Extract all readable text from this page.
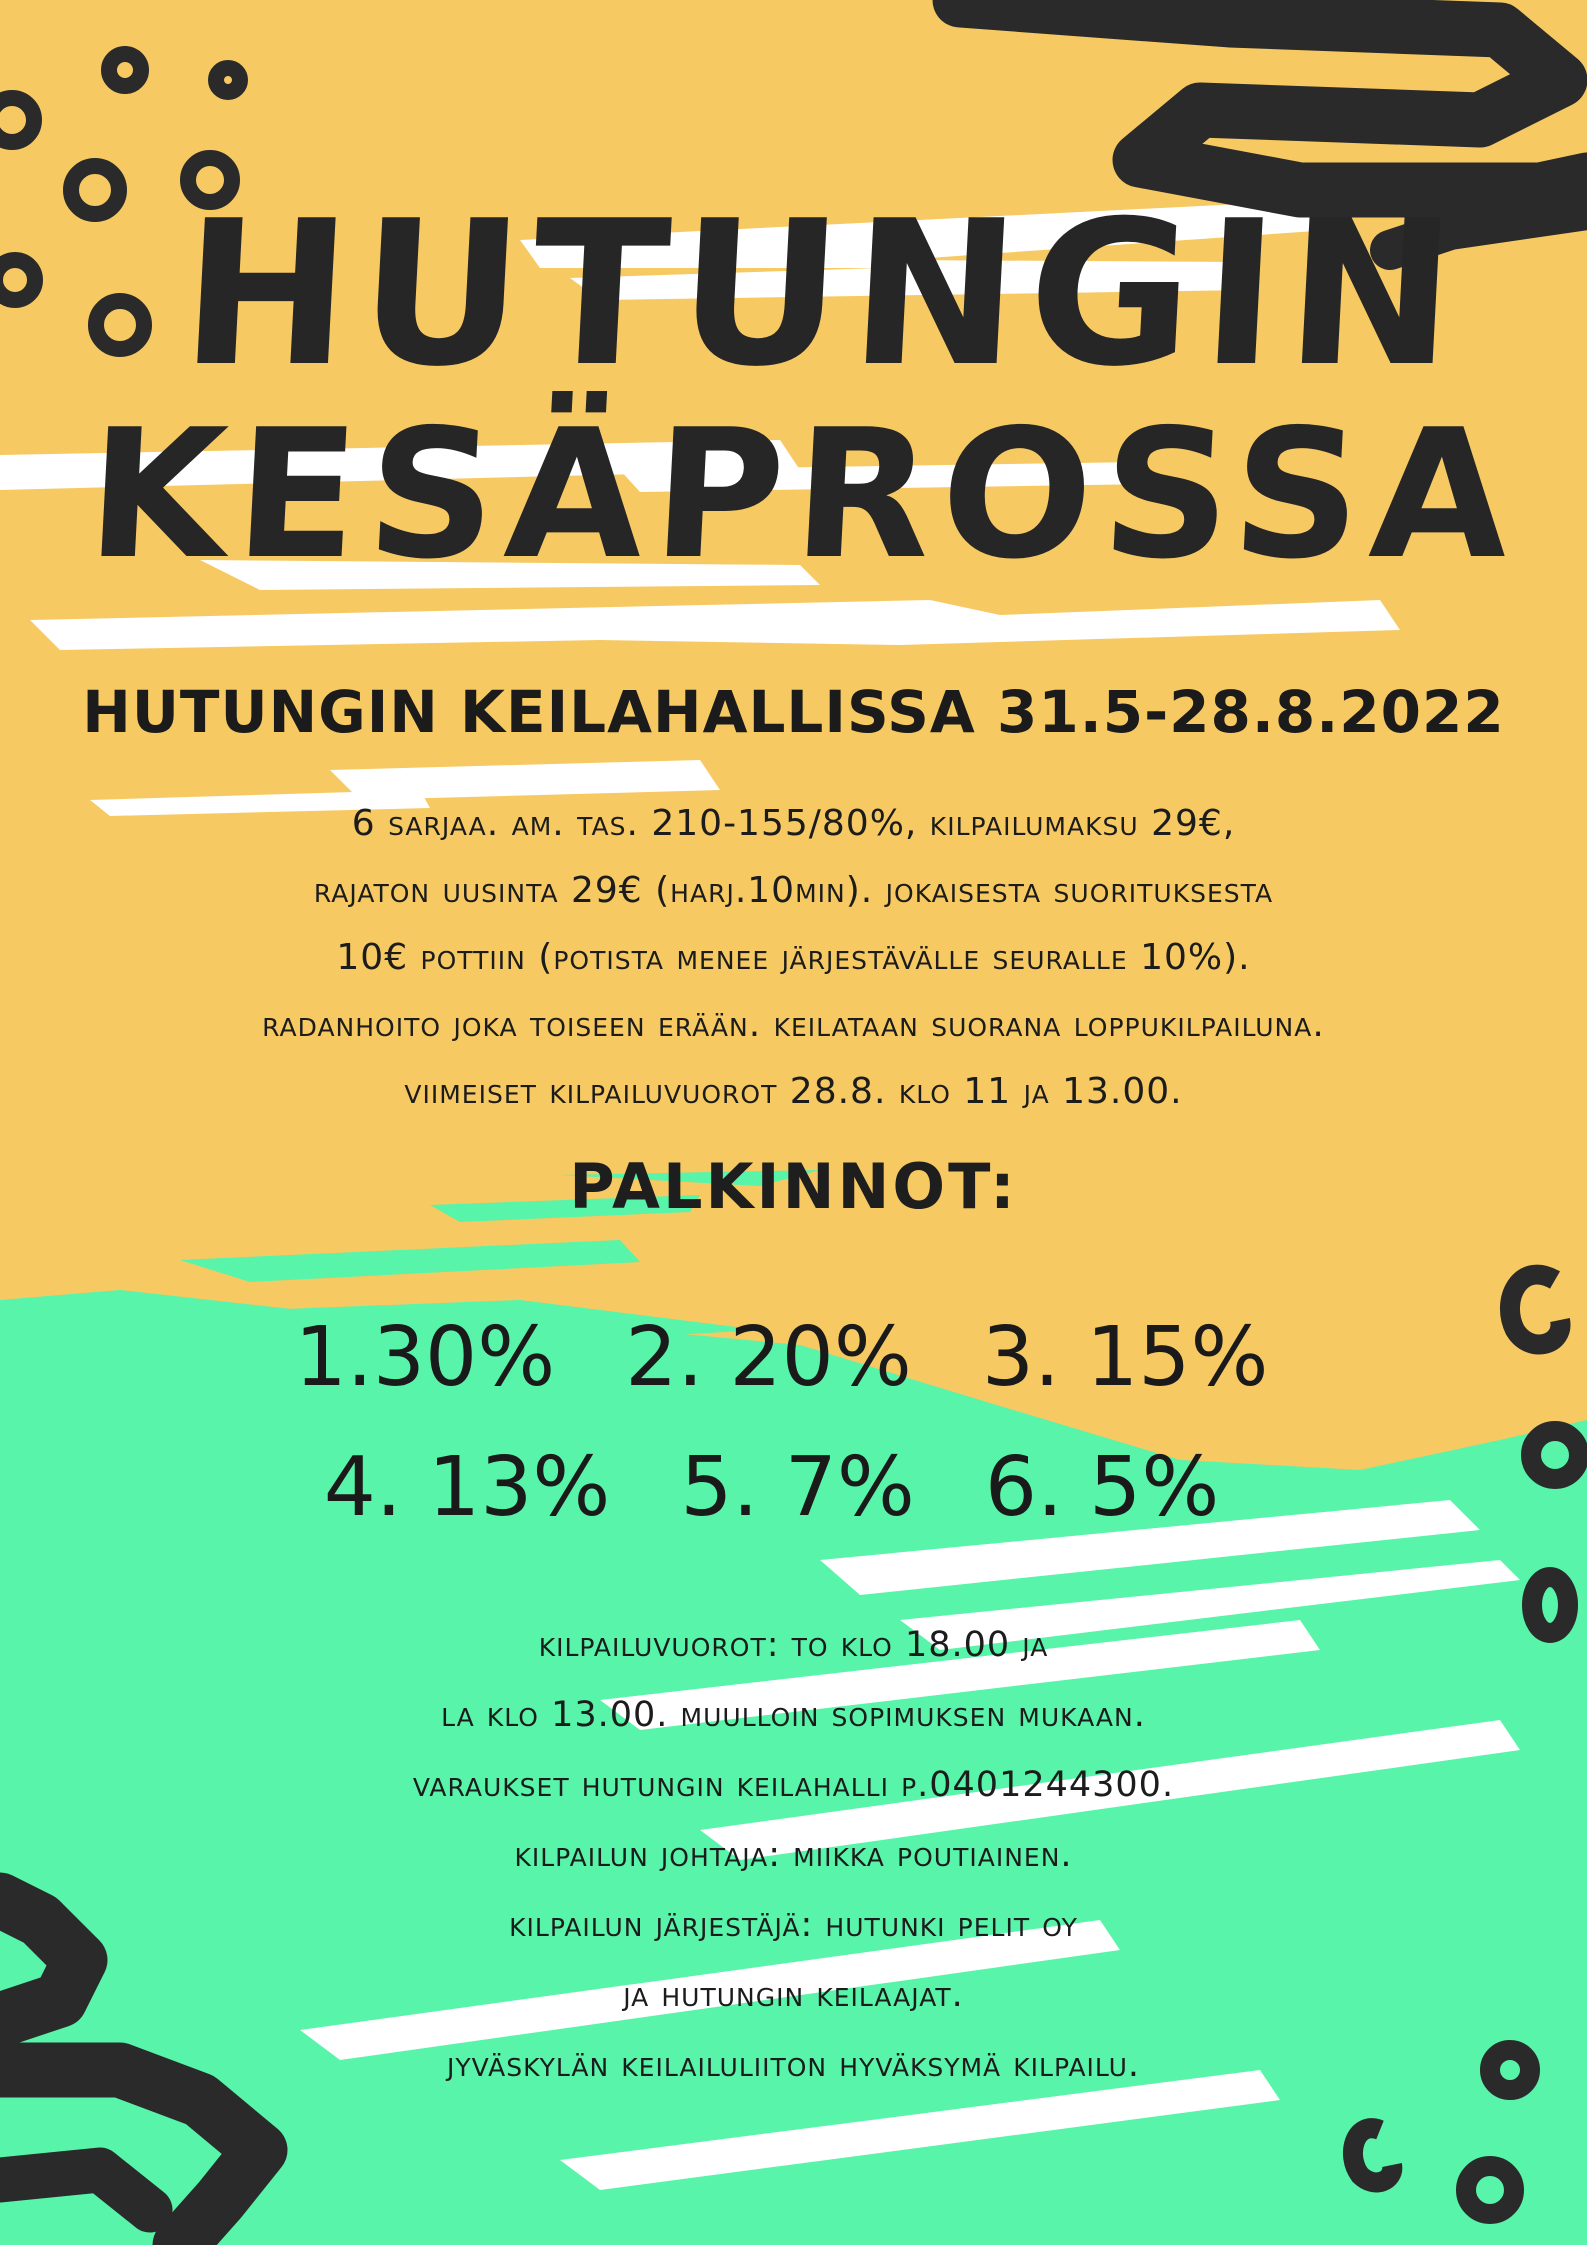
HUTUNGIN
KESÄPROSSA
HUTUNGIN KEILAHALLISSA 31.5-28.8.2022
6 sarjaa. am. tas. 210-155/80%, kilpailumaksu 29€,
rajaton uusinta 29€ (harj.10min). jokaisesta suorituksesta
10€ pottiin (potista menee järjestävälle seuralle 10%).
radanhoito joka toiseen erään. keilataan suorana loppukilpailuna.
viimeiset kilpailuvuorot 28.8. klo 11 ja 13.00.
PALKINNOT:
1.30% 2. 20% 3. 15%
4. 13% 5. 7% 6. 5%
kilpailuvuorot: to klo 18.00 ja
la klo 13.00. muulloin sopimuksen mukaan.
varaukset hutungin keilahalli p.0401244300.
kilpailun johtaja: miikka poutiainen.
kilpailun järjestäjä: hutunki pelit oy
ja hutungin keilaajat.
jyväskylän keilailuliiton hyväksymä kilpailu.
